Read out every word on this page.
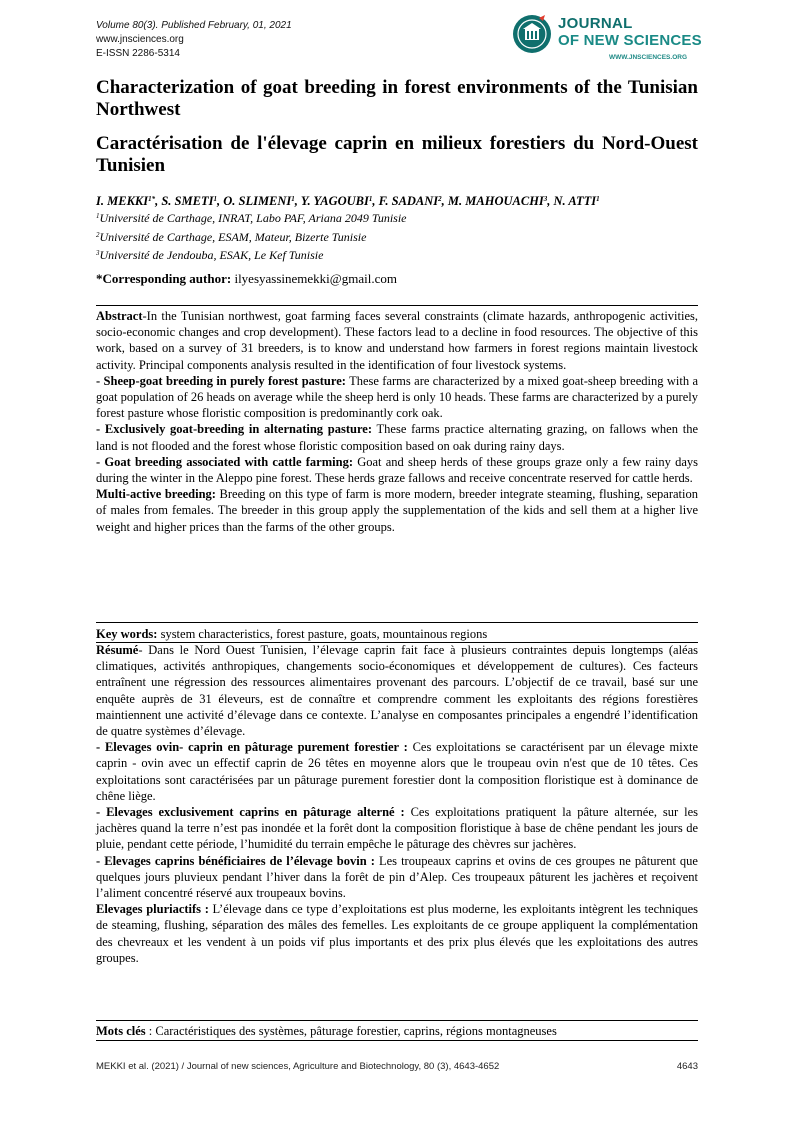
Volume 80(3). Published February, 01, 2021
www.jnsciences.org
E-ISSN 2286-5314
JOURNAL
OF NEW SCIENCES
WWW.JNSCIENCES.ORG
Characterization of goat breeding in forest environments of the Tunisian Northwest
Caractérisation de l'élevage caprin en milieux forestiers du Nord-Ouest Tunisien
I. $MEKKI^{1*}$, S. SMETI$^1$, O. SLIMENI$^1$, Y. YAGOUBI$^1$, F. SADANI$^2$, M. MAHOUACHI$^3$, N. ATTI$^1$
$^1$Université de Carthage, INRAT, Labo PAF, Ariana 2049 Tunisie
$^2$Université de Carthage, ESAM, Mateur, Bizerte Tunisie
$^3$Université de Jendouba, ESAK, Le Kef Tunisie
*Corresponding author: ilyesyassinemekki@gmail.com

Abstract-In the Tunisian northwest, goat farming faces several constraints (climate hazards, anthropogenic activities, socio-economic changes and crop development). These factors lead to a decline in food resources. The objective of this work, based on a survey of 31 breeders, is to know and understand how farmers in forest regions maintain livestock activity. Principal components analysis resulted in the identification of four livestock systems.

- Sheep-goat breeding in purely forest pasture: These farms are characterized by a mixed goat-sheep breeding with a goat population of 26 heads on average while the sheep herd is only 10 heads. These farms are characterized by a purely forest pasture whose floristic composition is predominantly cork oak.

- Exclusively goat-breeding in alternating pasture: These farms practice alternating grazing, on fallows when the land is not flooded and the forest whose floristic composition based on oak during rainy days.

- Goat breeding associated with cattle farming: Goat and sheep herds of these groups graze only a few rainy days during the winter in the Aleppo pine forest. These herds graze fallows and receive concentrate reserved for cattle herds.

Multi-active breeding: Breeding on this type of farm is more modern, breeder integrate steaming, flushing, separation of males from females. The breeder in this group apply the supplementation of the kids and sell them at a higher live weight and higher prices than the farms of the other groups.

Key words: system characteristics, forest pasture, goats, mountainous regions

Résumé- Dans le Nord Ouest Tunisien, l’élevage caprin fait face à plusieurs contraintes depuis longtemps (aléas climatiques, activités anthropiques, changements socio-économiques et développement de cultures). Ces facteurs entraînent une régression des ressources alimentaires provenant des parcours. L’objectif de ce travail, basé sur une enquête auprès de 31 éleveurs, est de connaître et comprendre comment les exploitants des régions forestières maintiennent une activité d’élevage dans ce contexte. L’analyse en composantes principales a engendré l’identification de quatre systèmes d’élevage.

- Elevages ovin- caprin en pâturage purement forestier : Ces exploitations se caractérisent par un élevage mixte caprin - ovin avec un effectif caprin de 26 têtes en moyenne alors que le troupeau ovin n'est que de 10 têtes. Ces exploitations sont caractérisées par un pâturage purement forestier dont la composition floristique est à dominance de chêne liège.

- Elevages exclusivement caprins en pâturage alterné : Ces exploitations pratiquent la pâture alternée, sur les jachères quand la terre n’est pas inondée et la forêt dont la composition floristique à base de chêne pendant les jours de pluie, pendant cette période, l’humidité du terrain empêche le pâturage des chèvres sur jachères.

- Elevages caprins bénéficiaires de l’élevage bovin : Les troupeaux caprins et ovins de ces groupes ne pâturent que quelques jours pluvieux pendant l’hiver dans la forêt de pin d’Alep. Ces troupeaux pâturent les jachères et reçoivent l’aliment concentré réservé aux troupeaux bovins.

Elevages pluriactifs : L’élevage dans ce type d’exploitations est plus moderne, les exploitants intègrent les techniques de steaming, flushing, séparation des mâles des femelles. Les exploitants de ce groupe appliquent la complémentation des chevreaux et les vendent à un poids vif plus importants et des prix plus élevés que les exploitations des autres groupes.

Mots clés : Caractéristiques des systèmes, pâturage forestier, caprins, régions montagneuses

MEKKI et al. (2021) / Journal of new sciences, Agriculture and Biotechnology, 80 (3), 4643-4652	4643
